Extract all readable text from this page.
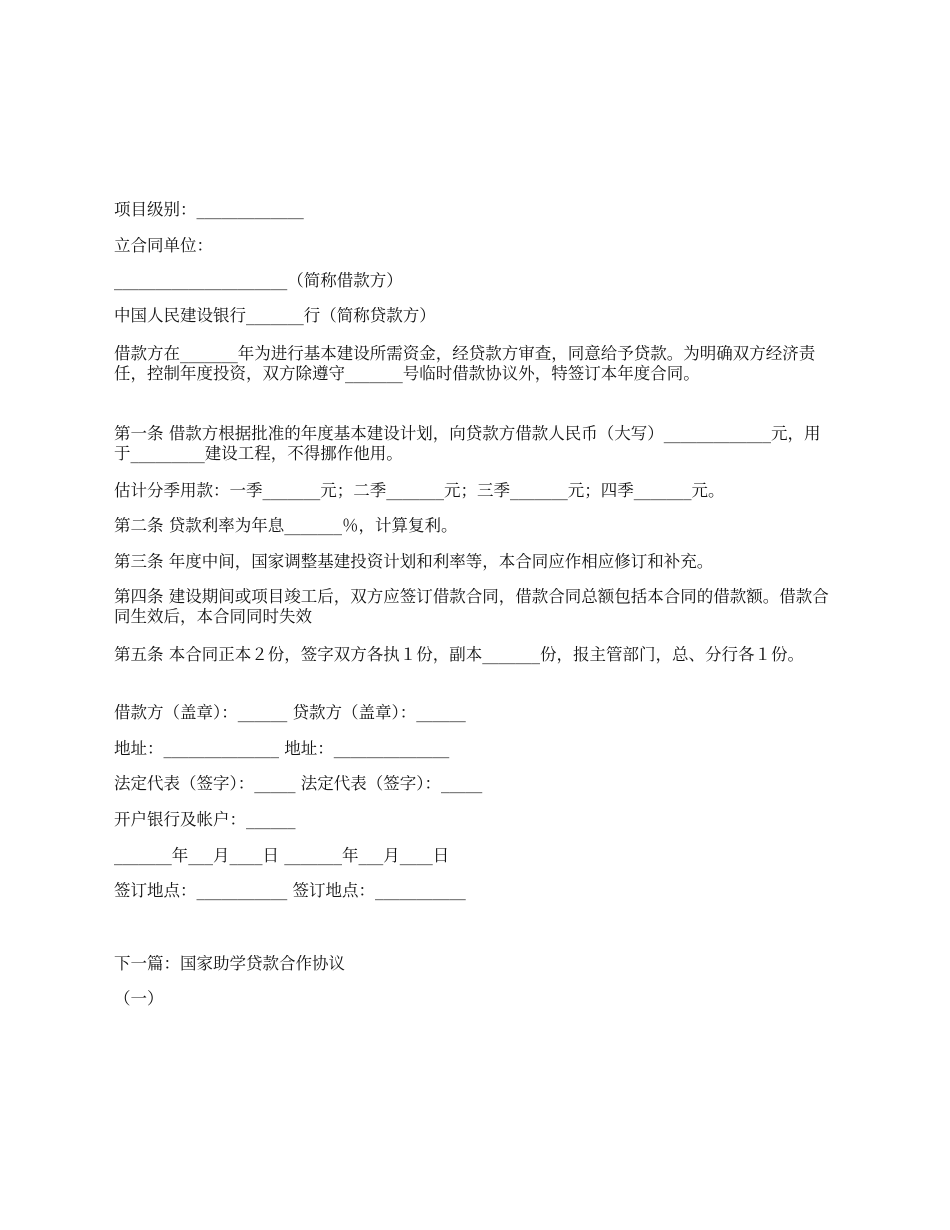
项目级别：_____________
立合同单位：
_____________________（简称借款方）
中国人民建设银行_______行（简称贷款方）
借款方在_______年为进行基本建设所需资金，经贷款方审查，同意给予贷款。为明确双方经济责任，控制年度投资，双方除遵守_______号临时借款协议外，特签订本年度合同。
第一条 借款方根据批准的年度基本建设计划，向贷款方借款人民币（大写）_____________元，用于_________建设工程，不得挪作他用。
估计分季用款：一季_______元；二季_______元；三季_______元；四季_______元。
第二条 贷款利率为年息_______％，计算复利。
第三条 年度中间，国家调整基建投资计划和利率等，本合同应作相应修订和补充。
第四条 建设期间或项目竣工后，双方应签订借款合同，借款合同总额包括本合同的借款额。借款合同生效后，本合同同时失效
第五条 本合同正本２份，签字双方各执１份，副本_______份，报主管部门，总、分行各１份。
借款方（盖章）：______ 贷款方（盖章）：______
地址：______________ 地址：______________
法定代表（签字）：_____ 法定代表（签字）：_____
开户银行及帐户：______
_______年___月____日 _______年___月____日
签订地点：___________ 签订地点：___________
下一篇：国家助学贷款合作协议
（一）
